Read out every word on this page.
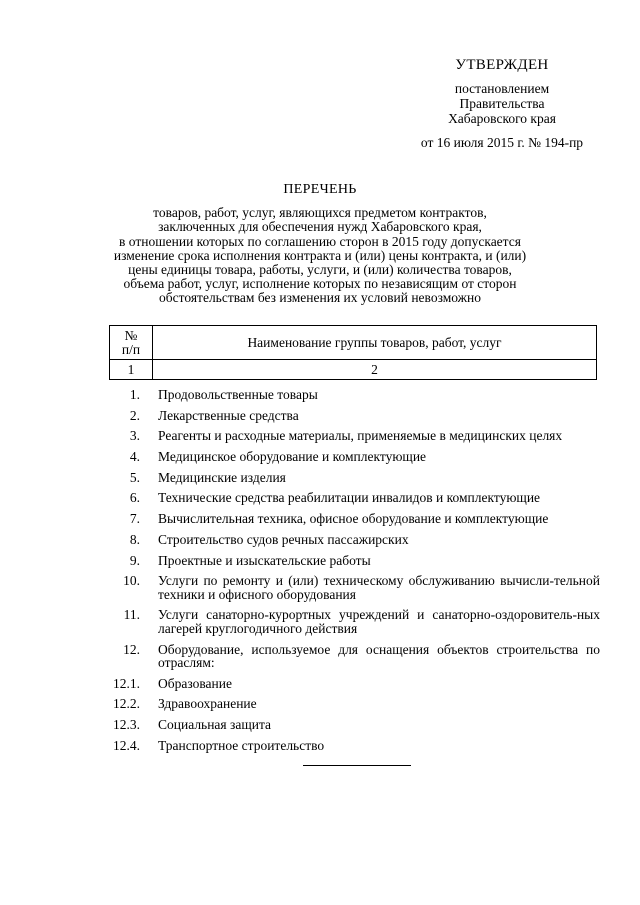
УТВЕРЖДЕН
постановлением
Правительства
Хабаровского края
от 16 июля 2015 г. № 194-пр
ПЕРЕЧЕНЬ
товаров, работ, услуг, являющихся предметом контрактов,
заключенных для обеспечения нужд Хабаровского края,
в отношении которых по соглашению сторон в 2015 году допускается
изменение срока исполнения контракта и (или) цены контракта, и (или)
цены единицы товара, работы, услуги, и (или) количества товаров,
объема работ, услуг, исполнение которых по независящим от сторон
обстоятельствам без изменения их условий невозможно
№
п/п	Наименование группы товаров, работ, услуг
1	2
1. Продовольственные товары
2. Лекарственные средства
3. Реагенты и расходные материалы, применяемые в медицинских целях
4. Медицинское оборудование и комплектующие
5. Медицинские изделия
6. Технические средства реабилитации инвалидов и комплектующие
7. Вычислительная техника, офисное оборудование и комплектующие
8. Строительство судов речных пассажирских
9. Проектные и изыскательские работы
10. Услуги по ремонту и (или) техническому обслуживанию вычисли-тельной техники и офисного оборудования
11. Услуги санаторно-курортных учреждений и санаторно-оздоровитель-ных лагерей круглогодичного действия
12. Оборудование, используемое для оснащения объектов строительства по отраслям:
12.1. Образование
12.2. Здравоохранение
12.3. Социальная защита
12.4. Транспортное строительство
